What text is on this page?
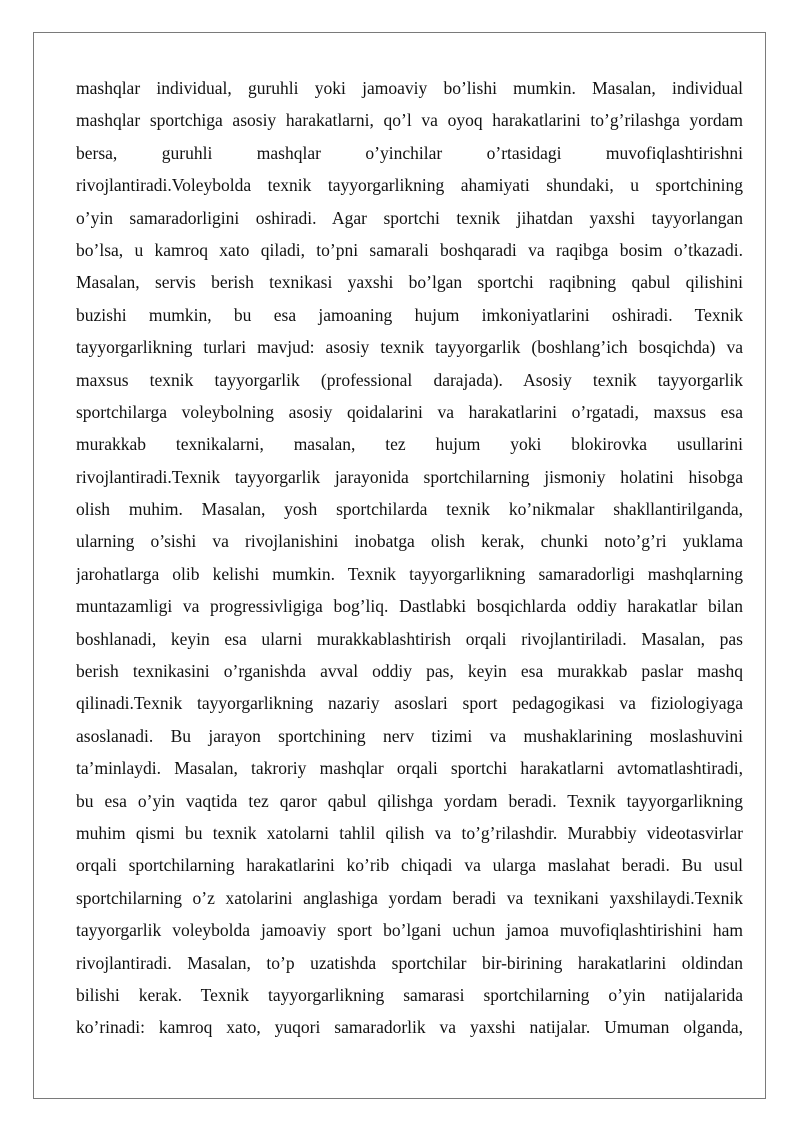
mashqlar individual, guruhli yoki jamoaviy bo’lishi mumkin. Masalan, individual
mashqlar sportchiga asosiy harakatlarni, qo’l va oyoq harakatlarini to’g’rilashga yordam
bersa, guruhli mashqlar o’yinchilar o’rtasidagi muvofiqlashtirishni
rivojlantiradi.Voleybolda texnik tayyorgarlikning ahamiyati shundaki, u sportchining
o’yin samaradorligini oshiradi. Agar sportchi texnik jihatdan yaxshi tayyorlangan
bo’lsa, u kamroq xato qiladi, to’pni samarali boshqaradi va raqibga bosim o’tkazadi.
Masalan, servis berish texnikasi yaxshi bo’lgan sportchi raqibning qabul qilishini
buzishi mumkin, bu esa jamoaning hujum imkoniyatlarini oshiradi. Texnik
tayyorgarlikning turlari mavjud: asosiy texnik tayyorgarlik (boshlang’ich bosqichda) va
maxsus texnik tayyorgarlik (professional darajada). Asosiy texnik tayyorgarlik
sportchilarga voleybolning asosiy qoidalarini va harakatlarini o’rgatadi, maxsus esa
murakkab texnikalarni, masalan, tez hujum yoki blokirovka usullarini
rivojlantiradi.Texnik tayyorgarlik jarayonida sportchilarning jismoniy holatini hisobga
olish muhim. Masalan, yosh sportchilarda texnik ko’nikmalar shakllantirilganda,
ularning o’sishi va rivojlanishini inobatga olish kerak, chunki noto’g’ri yuklama
jarohatlarga olib kelishi mumkin. Texnik tayyorgarlikning samaradorligi mashqlarning
muntazamligi va progressivligiga bog’liq. Dastlabki bosqichlarda oddiy harakatlar bilan
boshlanadi, keyin esa ularni murakkablashtirish orqali rivojlantiriladi. Masalan, pas
berish texnikasini o’rganishda avval oddiy pas, keyin esa murakkab paslar mashq
qilinadi.Texnik tayyorgarlikning nazariy asoslari sport pedagogikasi va fiziologiyaga
asoslanadi. Bu jarayon sportchining nerv tizimi va mushaklarining moslashuvini
ta’minlaydi. Masalan, takroriy mashqlar orqali sportchi harakatlarni avtomatlashtiradi,
bu esa o’yin vaqtida tez qaror qabul qilishga yordam beradi. Texnik tayyorgarlikning
muhim qismi bu texnik xatolarni tahlil qilish va to’g’rilashdir. Murabbiy videotasvirlar
orqali sportchilarning harakatlarini ko’rib chiqadi va ularga maslahat beradi. Bu usul
sportchilarning o’z xatolarini anglashiga yordam beradi va texnikani yaxshilaydi.Texnik
tayyorgarlik voleybolda jamoaviy sport bo’lgani uchun jamoa muvofiqlashtirishini ham
rivojlantiradi. Masalan, to’p uzatishda sportchilar bir-birining harakatlarini oldindan
bilishi kerak. Texnik tayyorgarlikning samarasi sportchilarning o’yin natijalarida
ko’rinadi: kamroq xato, yuqori samaradorlik va yaxshi natijalar. Umuman olganda,
